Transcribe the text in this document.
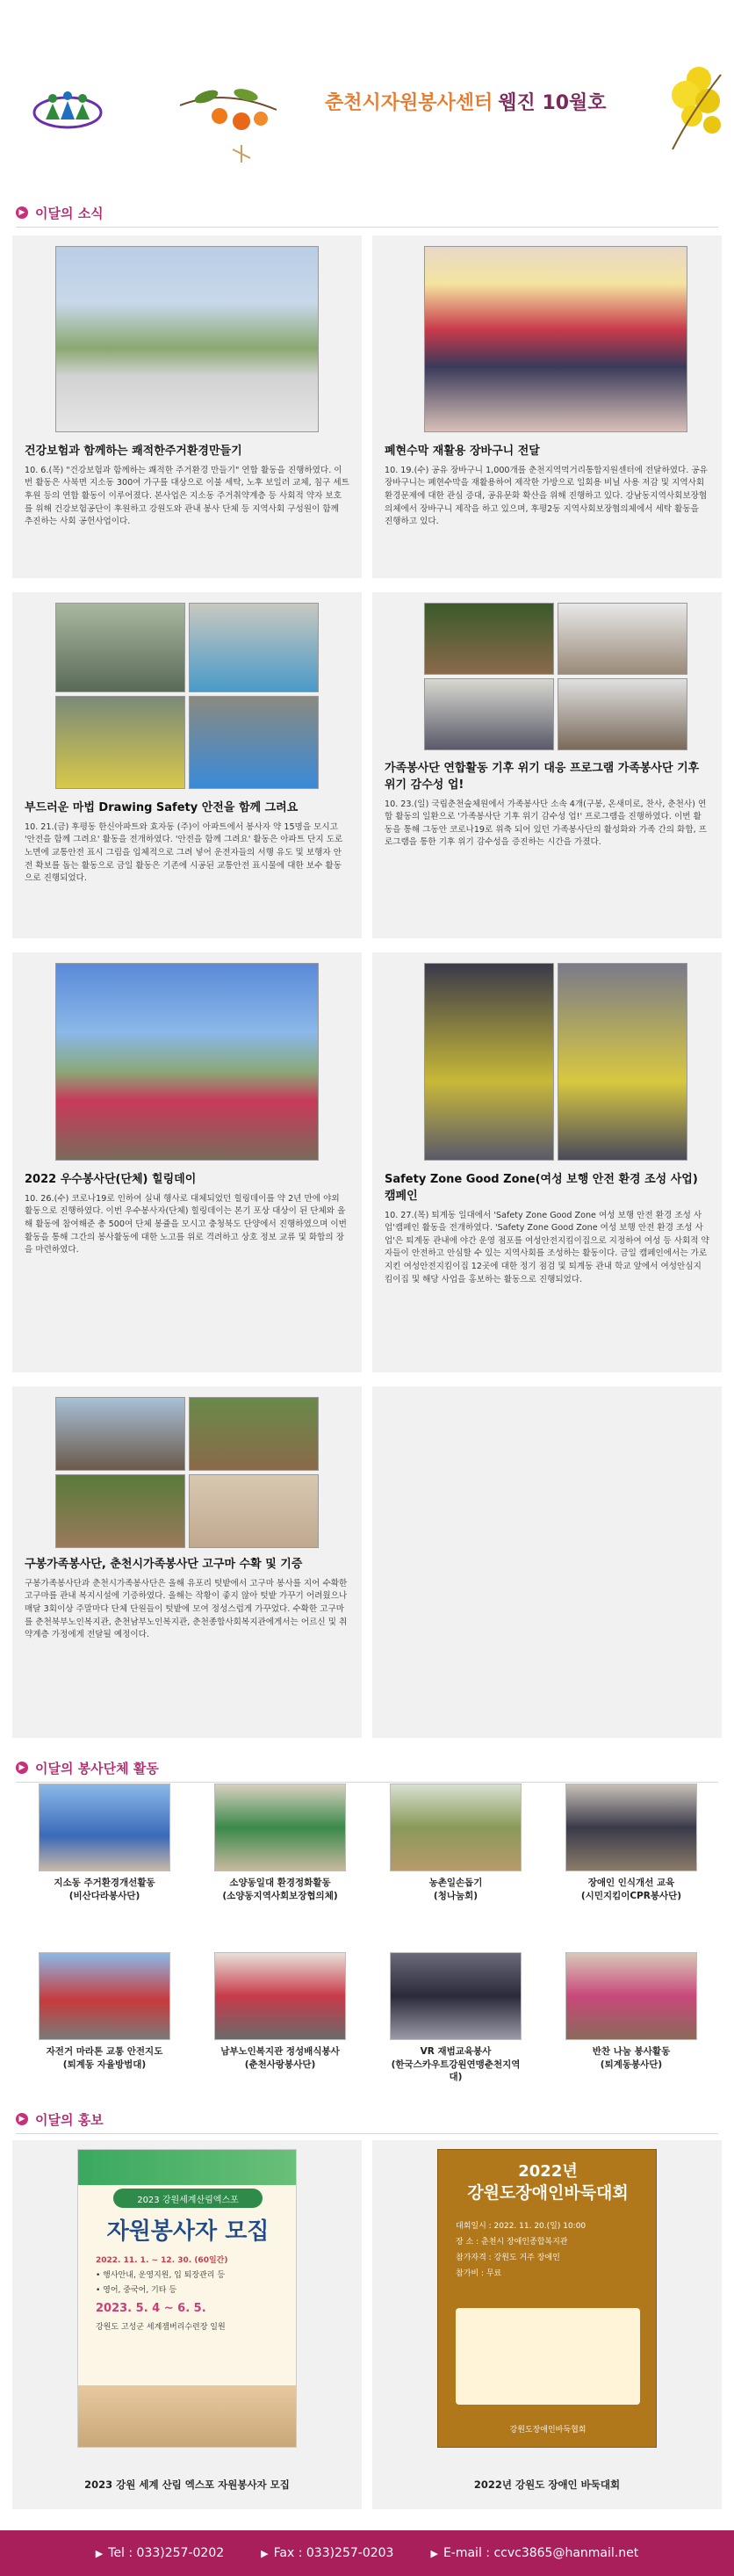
춘천시자원봉사센터 웹진 10월호
▶ 이달의 소식
건강보험과 함께하는 쾌적한주거환경만들기

10. 6.(목) "건강보험과 함께하는 쾌적한 주거환경 만들기" 연합 활동을 진행하였다. 이번 활동은 사북면 지소동 300여 가구를 대상으로 이불 세탁, 노후 보일러 교체, 침구 세트 후원 등의 연합 활동이 이루어졌다. 본사업은 지소동 주거취약계층 등 사회적 약자 보호를 위해 건강보험공단이 후원하고 강원도와 관내 봉사 단체 등 지역사회 구성원이 함께 추진하는 사회 공헌사업이다.

폐현수막 재활용 장바구니 전달

10. 19.(수) 공유 장바구니 1,000개를 춘천지역먹거리통합지원센터에 전달하였다. 공유 장바구니는 폐현수막을 재활용하여 제작한 가방으로 일회용 비닐 사용 저감 및 지역사회 환경문제에 대한 관심 증대, 공유문화 확산을 위해 진행하고 있다. 강남동지역사회보장협의체에서 장바구니 제작을 하고 있으며, 후평2동 지역사회보장협의체에서 세탁 활동을 진행하고 있다.

부드러운 마법 Drawing Safety 안전을 함께 그려요

10. 21.(금) 후평동 한신아파트와 효자동 (주)이 아파트에서 봉사자 약 15명을 모시고 '안전을 함께 그려요' 활동을 전개하였다. '안전을 함께 그려요' 활동은 아파트 단지 도로 노면에 교통안전 표시 그림을 입체적으로 그려 넣어 운전자들의 서행 유도 및 보행자 안전 확보를 돕는 활동으로 금일 활동은 기존에 시공된 교통안전 표시물에 대한 보수 활동으로 진행되었다.

가족봉사단 연합활동 기후 위기 대응 프로그램 가족봉사단 기후 위기 감수성 업!

10. 23.(일) 국립춘천숲체원에서 가족봉사단 소속 4개(구봉, 온새미로, 찬사, 춘천사) 연합 활동의 일환으로 '가족봉사단 기후 위기 감수성 업!' 프로그램을 진행하였다. 이번 활동을 통해 그동안 코로나19로 위축 되어 있던 가족봉사단의 활성화와 가족 간의 화합, 프로그램을 통한 기후 위기 감수성을 증진하는 시간을 가졌다.

2022 우수봉사단(단체) 힐링데이

10. 26.(수) 코로나19로 인하여 실내 행사로 대체되었던 힐링데이를 약 2년 만에 야외 활동으로 진행하였다. 이번 우수봉사자(단체) 힐링데이는 본기 포상 대상이 된 단체와 올해 활동에 참여해준 총 500여 단체 봉쥴을 모시고 충청북도 단양에서 진행하였으며 이번 활동을 통해 그간의 봉사활동에 대한 노고를 위로 격려하고 상호 정보 교류 및 화합의 장을 마련하였다.

Safety Zone Good Zone(여성 보행 안전 환경 조성 사업) 캠페인

10. 27.(목) 퇴계동 일대에서 'Safety Zone Good Zone 여성 보행 안전 환경 조성 사업'캠페인 활동을 전개하였다. 'Safety Zone Good Zone 여성 보행 안전 환경 조성 사업'은 퇴계동 관내에 야간 운영 점포를 여성안전지킴이집으로 지정하여 여성 등 사회적 약자들이 안전하고 안심할 수 있는 지역사회를 조성하는 활동이다. 금일 캠페인에서는 가로지킨 여성안전지킴이집 12곳에 대한 정기 점검 및 퇴계동 관내 학교 앞에서 여성안심지킴이집 및 해당 사업을 홍보하는 활동으로 진행되었다.

구봉가족봉사단, 춘천시가족봉사단 고구마 수확 및 기증

구봉가족봉사단과 춘천시가족봉사단은 올해 유포리 텃밭에서 고구마 봉사를 지어 수확한 고구마를 관내 복지시설에 기증하였다. 올해는 작황이 좋지 않아 텃밭 가꾸기 어려웠으나 매달 3회이상 주말마다 단체 단원들이 텃밭에 모여 정성스럽게 가꾸었다. 수확한 고구마를 춘천북부노인복지관, 춘천남부노인복지관, 춘천종합사회복지관에게서는 어르신 및 취약계층 가정에게 전달될 예정이다.

▶ 이달의 봉사단체 활동
지소동 주거환경개선활동
(비산다라봉사단)
소양동일대 환경정화활동
(소양동지역사회보장협의체)
농촌일손돕기
(청나눔회)
장애인 인식개선 교육
(시민지킴이CPR봉사단)
자전거 마라톤 교통 안전지도
(퇴계동 자율방범대)
남부노인복지관 정성배식봉사
(춘천사랑봉사단)
VR 재범교육봉사
(한국스카우트강원연맹춘천지역대)
반찬 나눔 봉사활동
(퇴계동봉사단)
▶ 이달의 홍보
2023 강원세계산림엑스포
자원봉사자 모집
2022. 11. 1. ~ 12. 30. (60일간)
• 행사안내, 운영지원, 입 퇴장관리 등
• 영어, 중국어, 기타 등
2023. 5. 4 ~ 6. 5.
강원도 고성군 세계잼버리수련장 일원
2023 강원 세계 산림 엑스포 자원봉사자 모집
2022년
강원도장애인바둑대회
대회일시 : 2022. 11. 20.(일) 10:00
장 소 : 춘천시 장애인종합복지관
참가자격 : 강원도 거주 장애인
참가비 : 무료
강원도장애인바둑협회
2022년 강원도 장애인 바둑대회
▶ Tel : 033)257-0202	▶ Fax : 033)257-0203	▶ E-mail : ccvc3865@hanmail.net
